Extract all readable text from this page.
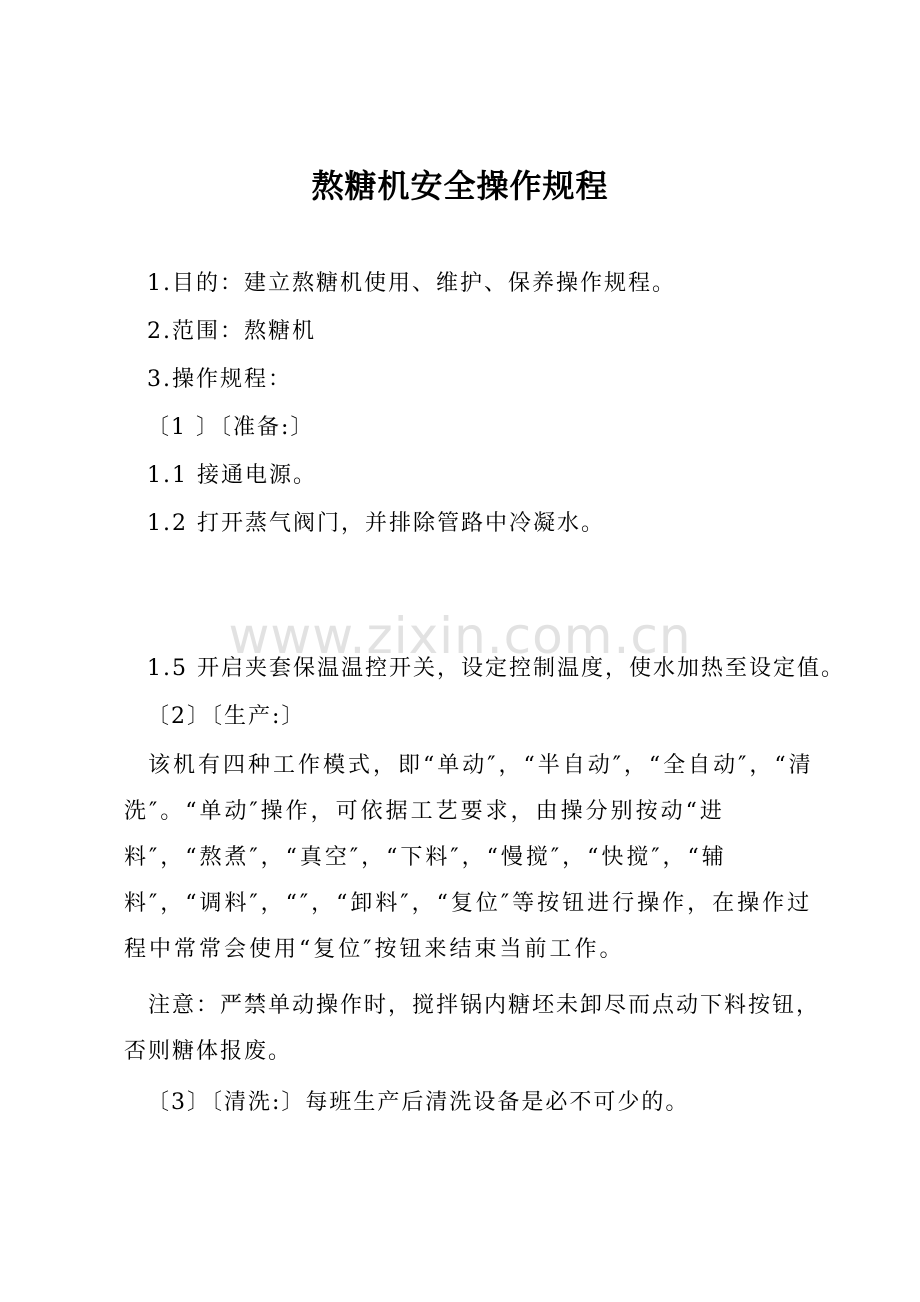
熬糖机安全操作规程
1.目的：建立熬糖机使用、维护、保养操作规程。
2.范围：熬糖机
3.操作规程：
〔1 〕〔准备:〕
1.1 接通电源。
1.2 打开蒸气阀门，并排除管路中冷凝水。
www.zixin.com.cn
1.5 开启夹套保温温控开关，设定控制温度，使水加热至设定值。
〔2〕〔生产:〕
该机有四种工作模式，即“单动″，“半自动″，“全自动″，“清洗″。“单动″操作，可依据工艺要求，由操分别按动“进料″，“熬煮″，“真空″，“下料″，“慢搅″，“快搅″，“辅料″，“调料″，“″，“卸料″，“复位″等按钮进行操作，在操作过程中常常会使用“复位″按钮来结束当前工作。
注意：严禁单动操作时，搅拌锅内糖坯未卸尽而点动下料按钮，否则糖体报废。
〔3〕〔清洗:〕每班生产后清洗设备是必不可少的。
